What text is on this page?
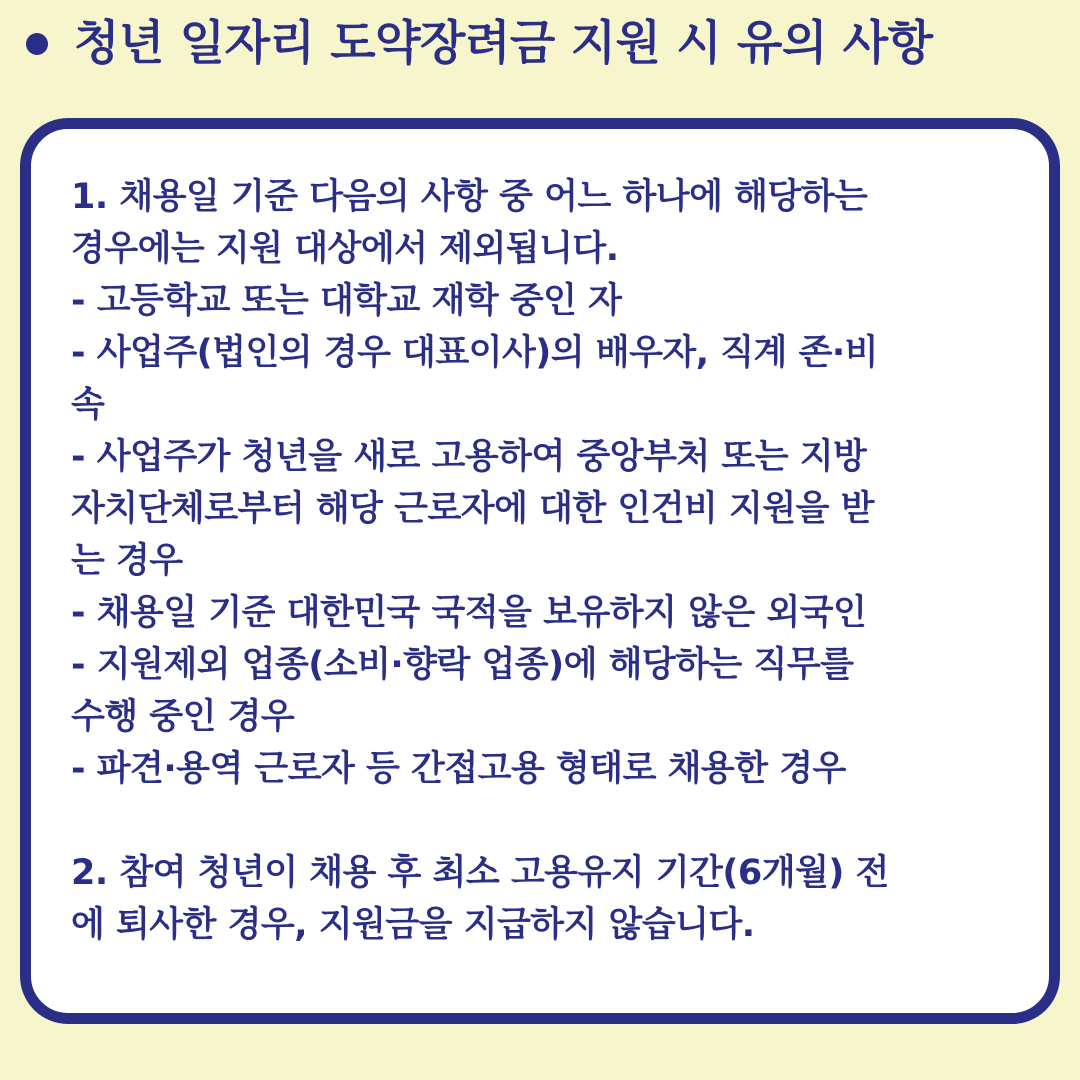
청년 일자리 도약장려금 지원 시 유의 사항
1. 채용일 기준 다음의 사항 중 어느 하나에 해당하는
경우에는 지원 대상에서 제외됩니다.
- 고등학교 또는 대학교 재학 중인 자
- 사업주(법인의 경우 대표이사)의 배우자, 직계 존·비
속
- 사업주가 청년을 새로 고용하여 중앙부처 또는 지방
자치단체로부터 해당 근로자에 대한 인건비 지원을 받
는 경우
- 채용일 기준 대한민국 국적을 보유하지 않은 외국인
- 지원제외 업종(소비·향락 업종)에 해당하는 직무를
수행 중인 경우
- 파견·용역 근로자 등 간접고용 형태로 채용한 경우
2. 참여 청년이 채용 후 최소 고용유지 기간(6개월) 전
에 퇴사한 경우, 지원금을 지급하지 않습니다.
